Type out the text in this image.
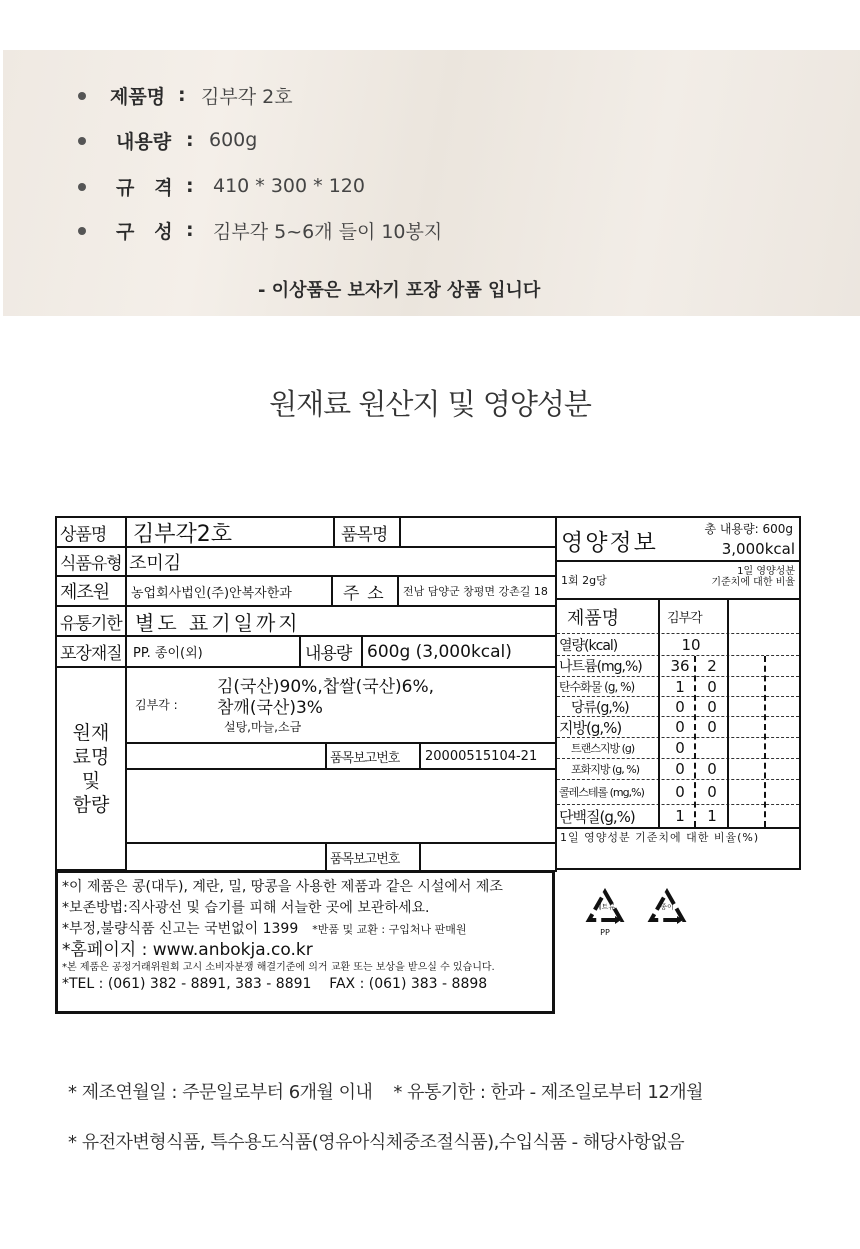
제품명 : 김부각 2호
내용량 : 600g
규   격 : 410 * 300 * 120
구   성 : 김부각 5~6개 들이 10봉지
- 이상품은 보자기 포장 상품 입니다
원재료 원산지 및 영양성분
상품명	김부각2호	품목명
식품유형 조미김
제조원	농업회사법인(주)안복자한과	주  소	전남 담양군 창평면 강촌길 18
유통기한 별도 표기일까지
포장재질 PP. 종이(외)	내용량 600g (3,000kcal)
원재
료명
및
함량
김부각 :
김(국산)90%,찹쌀(국산)6%,
참깨(국산)3%
설탕,마늘,소금
품목보고번호	20000515104-21
품목보고번호
*이 제품은 콩(대두), 계란, 밀, 땅콩을 사용한 제품과 같은 시설에서 제조
*보존방법:직사광선 및 습기를 피해 서늘한 곳에 보관하세요.
*부정,불량식품 신고는 국번없이 1399 *반품 및 교환 : 구입처나 판매원
*홈페이지 : www.anbokja.co.kr
*본 제품은 공정거래위원회 고시 소비자분쟁 해결기준에 의거 교환 또는 보상을 받으실 수 있습니다.
*TEL : (061) 382 - 8891, 383 - 8891    FAX : (061) 383 - 8898
영양정보
총 내용량: 600g
3,000kcal
1회 2g당
1일 영양성분
기준치에 대한 비율
제품명	김부각
열량(kcal)	10
나트륨(mg,%)	36	2
탄수화물 (g, %)	1	0
당류(g,%)	0	0
지방(g,%)	0	0
트랜스지방 (g)	0
포화지방 (g, %)	0	0
콜레스테롤 (mg,%)	0	0
단백질(g,%)	1	1
1일 영양성분 기준치에 대한 비율(%)
페트류
PP
종이
* 제조연월일 : 주문일로부터 6개월 이내    * 유통기한 : 한과 - 제조일로부터 12개월
* 유전자변형식품, 특수용도식품(영유아식체중조절식품),수입식품 - 해당사항없음
